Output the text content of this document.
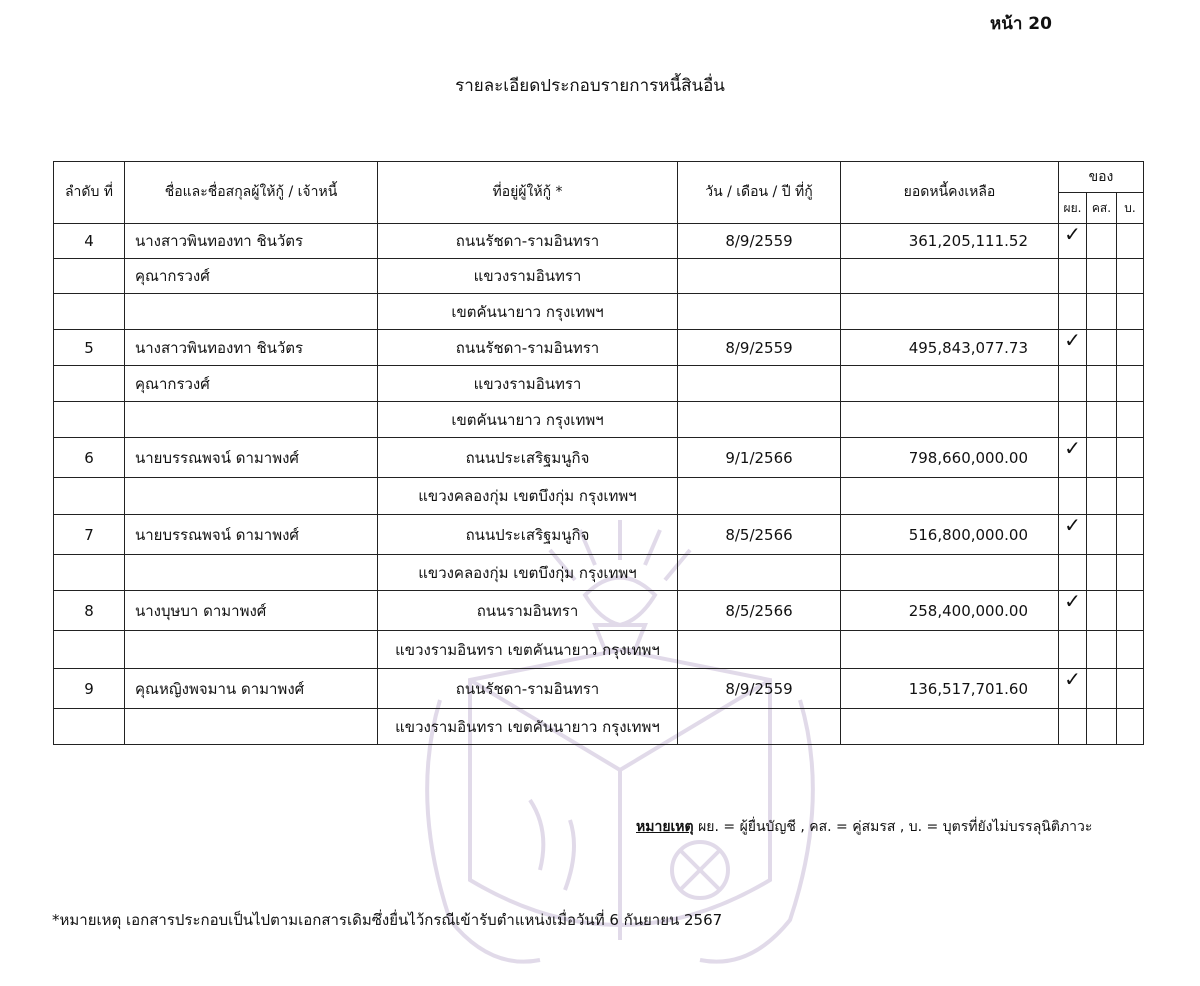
หน้า 20
รายละเอียดประกอบรายการหนี้สินอื่น
ลำดับ ที่	ชื่อและชื่อสกุลผู้ให้กู้ / เจ้าหนี้	ที่อยู่ผู้ให้กู้ *	วัน / เดือน / ปี ที่กู้	ยอดหนี้คงเหลือ	ของ		
					ผย.	คส.	บ.
4	นางสาวพินทองทา ชินวัตร	ถนนรัชดา-รามอินทรา	8/9/2559	361,205,111.52	✓		
	คุณากรวงศ์	แขวงรามอินทรา					
		เขตคันนายาว กรุงเทพฯ					
5	นางสาวพินทองทา ชินวัตร	ถนนรัชดา-รามอินทรา	8/9/2559	495,843,077.73	✓		
	คุณากรวงศ์	แขวงรามอินทรา					
		เขตคันนายาว กรุงเทพฯ					
6	นายบรรณพจน์ ดามาพงศ์	ถนนประเสริฐมนูกิจ	9/1/2566	798,660,000.00	✓		
		แขวงคลองกุ่ม เขตบึงกุ่ม กรุงเทพฯ					
7	นายบรรณพจน์ ดามาพงศ์	ถนนประเสริฐมนูกิจ	8/5/2566	516,800,000.00	✓		
		แขวงคลองกุ่ม เขตบึงกุ่ม กรุงเทพฯ					
8	นางบุษบา ดามาพงศ์	ถนนรามอินทรา	8/5/2566	258,400,000.00	✓		
		แขวงรามอินทรา เขตคันนายาว กรุงเทพฯ					
9	คุณหญิงพจมาน ดามาพงศ์	ถนนรัชดา-รามอินทรา	8/9/2559	136,517,701.60	✓		
		แขวงรามอินทรา เขตคันนายาว กรุงเทพฯ					
หมายเหตุ ผย. = ผู้ยื่นบัญชี , คส. = คู่สมรส , บ. = บุตรที่ยังไม่บรรลุนิติภาวะ
*หมายเหตุ เอกสารประกอบเป็นไปตามเอกสารเดิมซึ่งยื่นไว้กรณีเข้ารับตำแหน่งเมื่อวันที่ 6 กันยายน 2567
